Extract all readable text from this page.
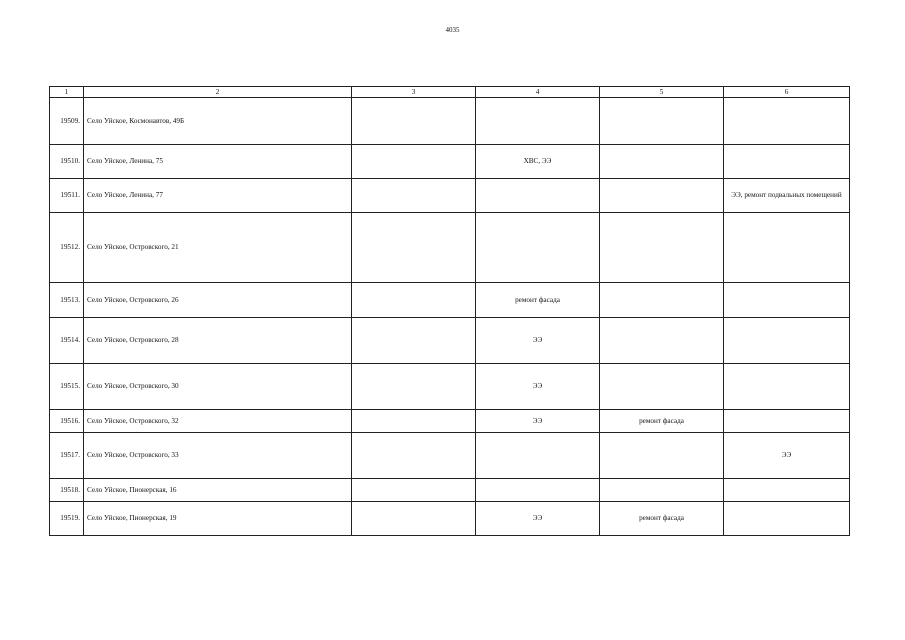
4035
1	2	3	4	5	6
19509.	Село Уйское, Космонавтов, 49Б				
19510.	Село Уйское, Ленина, 75		ХВС, ЭЭ		
19511.	Село Уйское, Ленина, 77				ЭЭ, ремонт подвальных помещений
19512.	Село Уйское, Островского, 21				
19513.	Село Уйское, Островского, 26		ремонт фасада		
19514.	Село Уйское, Островского, 28		ЭЭ		
19515.	Село Уйское, Островского, 30		ЭЭ		
19516.	Село Уйское, Островского, 32		ЭЭ	ремонт фасада	
19517.	Село Уйское, Островского, 33				ЭЭ
19518.	Село Уйское, Пионерская, 16				
19519.	Село Уйское, Пионерская, 19		ЭЭ	ремонт фасада	
